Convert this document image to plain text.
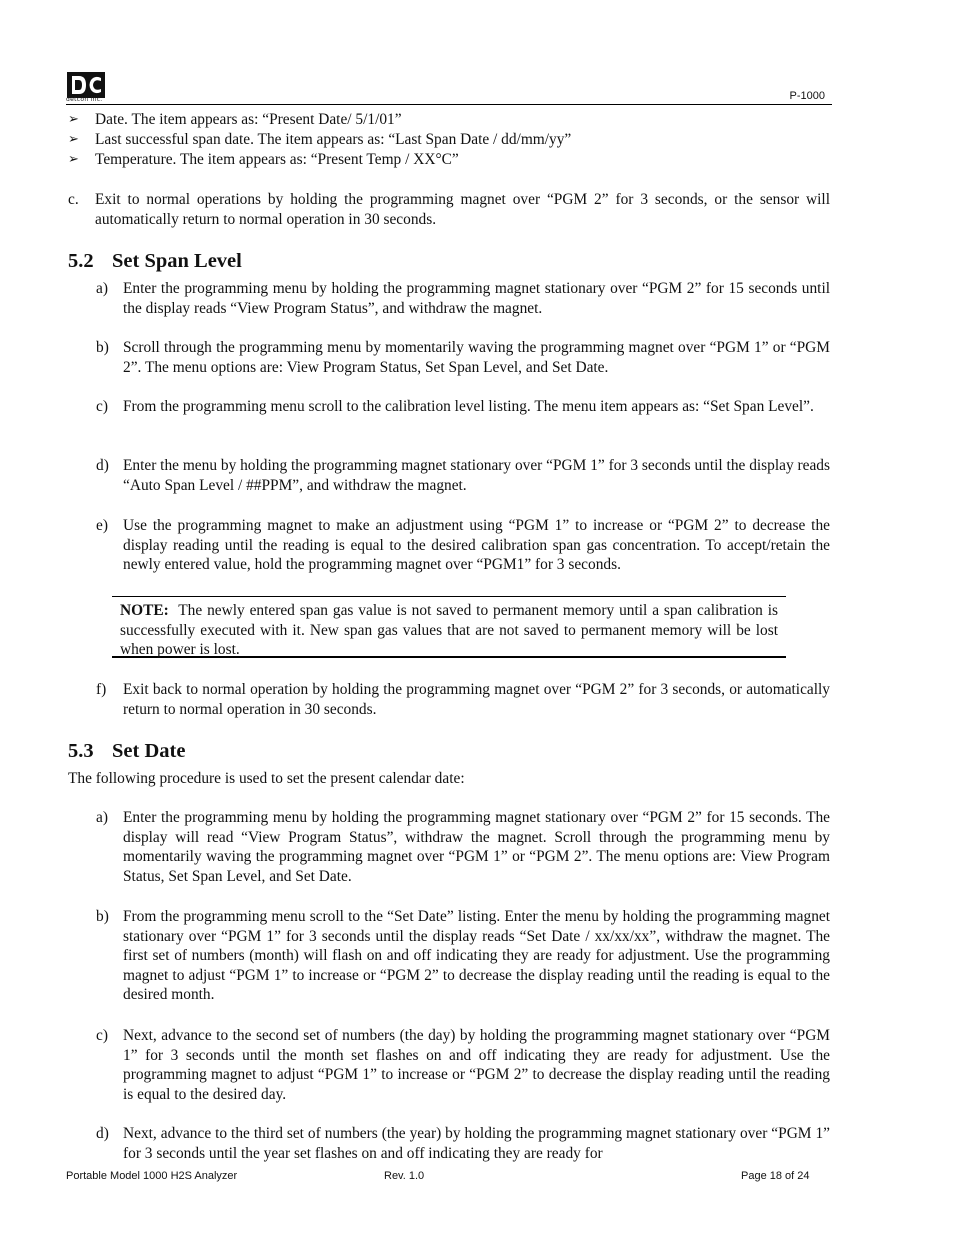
detcon inc.	P-1000
➢	Date. The item appears as: “Present Date/ 5/1/01”
➢	Last successful span date. The item appears as: “Last Span Date / dd/mm/yy”
➢	Temperature. The item appears as: “Present Temp / XX°C”
c.	Exit to normal operations by holding the programming magnet over “PGM 2” for 3 seconds, or the sensor will automatically return to normal operation in 30 seconds.
5.2 Set Span Level
a) Enter the programming menu by holding the programming magnet stationary over “PGM 2” for 15 seconds until the display reads “View Program Status”, and withdraw the magnet.
b) Scroll through the programming menu by momentarily waving the programming magnet over “PGM 1” or “PGM 2”. The menu options are: View Program Status, Set Span Level, and Set Date.
c) From the programming menu scroll to the calibration level listing. The menu item appears as: “Set Span Level”.
d) Enter the menu by holding the programming magnet stationary over “PGM 1” for 3 seconds until the display reads “Auto Span Level / ##PPM”, and withdraw the magnet.
e) Use the programming magnet to make an adjustment using “PGM 1” to increase or “PGM 2” to decrease the display reading until the reading is equal to the desired calibration span gas concentration. To accept/retain the newly entered value, hold the programming magnet over “PGM1” for 3 seconds.

NOTE: The newly entered span gas value is not saved to permanent memory until a span calibration is successfully executed with it. New span gas values that are not saved to permanent memory will be lost when power is lost.

f)	Exit back to normal operation by holding the programming magnet over “PGM 2” for 3 seconds, or automatically return to normal operation in 30 seconds.
5.3 Set Date
The following procedure is used to set the present calendar date:
a) Enter the programming menu by holding the programming magnet stationary over “PGM 2” for 15 seconds. The display will read “View Program Status”, withdraw the magnet. Scroll through the programming menu by momentarily waving the programming magnet over “PGM 1” or “PGM 2”. The menu options are: View Program Status, Set Span Level, and Set Date.
b) From the programming menu scroll to the “Set Date” listing. Enter the menu by holding the programming magnet stationary over “PGM 1” for 3 seconds until the display reads “Set Date / xx/xx/xx”, withdraw the magnet. The first set of numbers (month) will flash on and off indicating they are ready for adjustment. Use the programming magnet to adjust “PGM 1” to increase or “PGM 2” to decrease the display reading until the reading is equal to the desired month.
c) Next, advance to the second set of numbers (the day) by holding the programming magnet stationary over “PGM 1” for 3 seconds until the month set flashes on and off indicating they are ready for adjustment. Use the programming magnet to adjust “PGM 1” to increase or “PGM 2” to decrease the display reading until the reading is equal to the desired day.
d) Next, advance to the third set of numbers (the year) by holding the programming magnet stationary over “PGM 1” for 3 seconds until the year set flashes on and off indicating they are ready for
Portable Model 1000 H2S Analyzer	Rev. 1.0	Page 18 of 24
